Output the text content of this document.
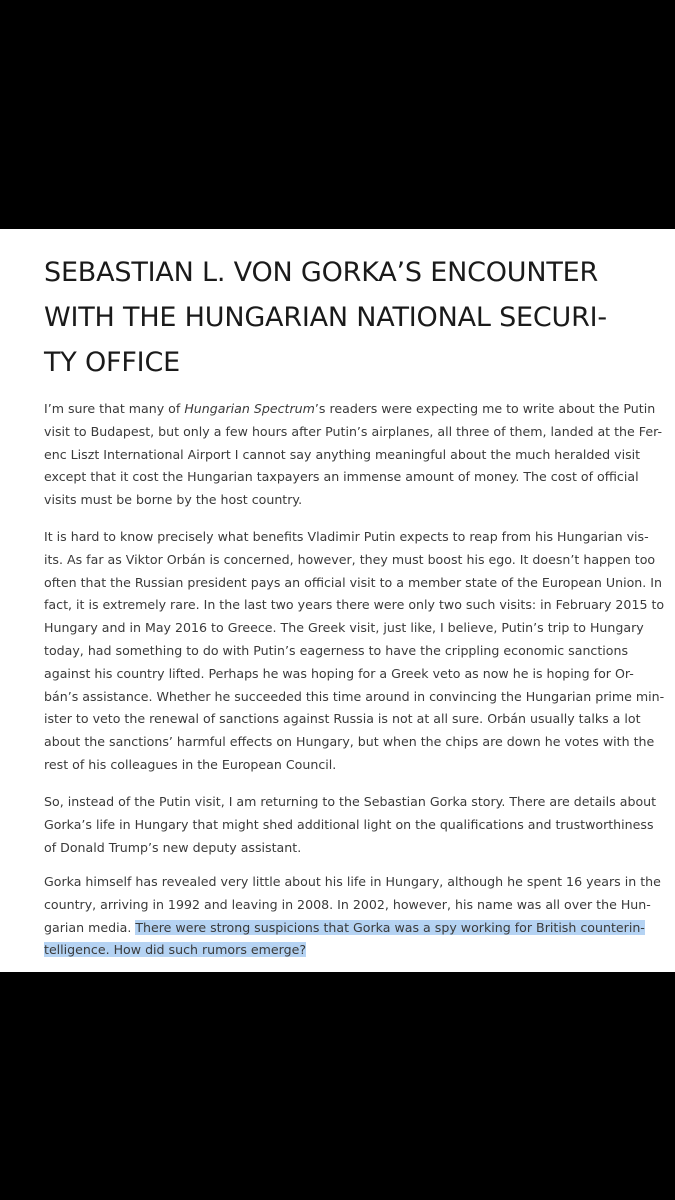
SEBASTIAN L. VON GORKA’S ENCOUNTER
WITH THE HUNGARIAN NATIONAL SECURI-
TY OFFICE

I’m sure that many of Hungarian Spectrum’s readers were expecting me to write about the Putin
visit to Budapest, but only a few hours after Putin’s airplanes, all three of them, landed at the Fer-
enc Liszt International Airport I cannot say anything meaningful about the much heralded visit
except that it cost the Hungarian taxpayers an immense amount of money. The cost of official
visits must be borne by the host country.

It is hard to know precisely what benefits Vladimir Putin expects to reap from his Hungarian vis-
its. As far as Viktor Orbán is concerned, however, they must boost his ego. It doesn’t happen too
often that the Russian president pays an official visit to a member state of the European Union. In
fact, it is extremely rare. In the last two years there were only two such visits: in February 2015 to
Hungary and in May 2016 to Greece. The Greek visit, just like, I believe, Putin’s trip to Hungary
today, had something to do with Putin’s eagerness to have the crippling economic sanctions
against his country lifted. Perhaps he was hoping for a Greek veto as now he is hoping for Or-
bán’s assistance. Whether he succeeded this time around in convincing the Hungarian prime min-
ister to veto the renewal of sanctions against Russia is not at all sure. Orbán usually talks a lot
about the sanctions’ harmful effects on Hungary, but when the chips are down he votes with the
rest of his colleagues in the European Council.

So, instead of the Putin visit, I am returning to the Sebastian Gorka story. There are details about
Gorka’s life in Hungary that might shed additional light on the qualifications and trustworthiness
of Donald Trump’s new deputy assistant.

Gorka himself has revealed very little about his life in Hungary, although he spent 16 years in the
country, arriving in 1992 and leaving in 2008. In 2002, however, his name was all over the Hun-
garian media. There were strong suspicions that Gorka was a spy working for British counterin-
telligence. How did such rumors emerge?
